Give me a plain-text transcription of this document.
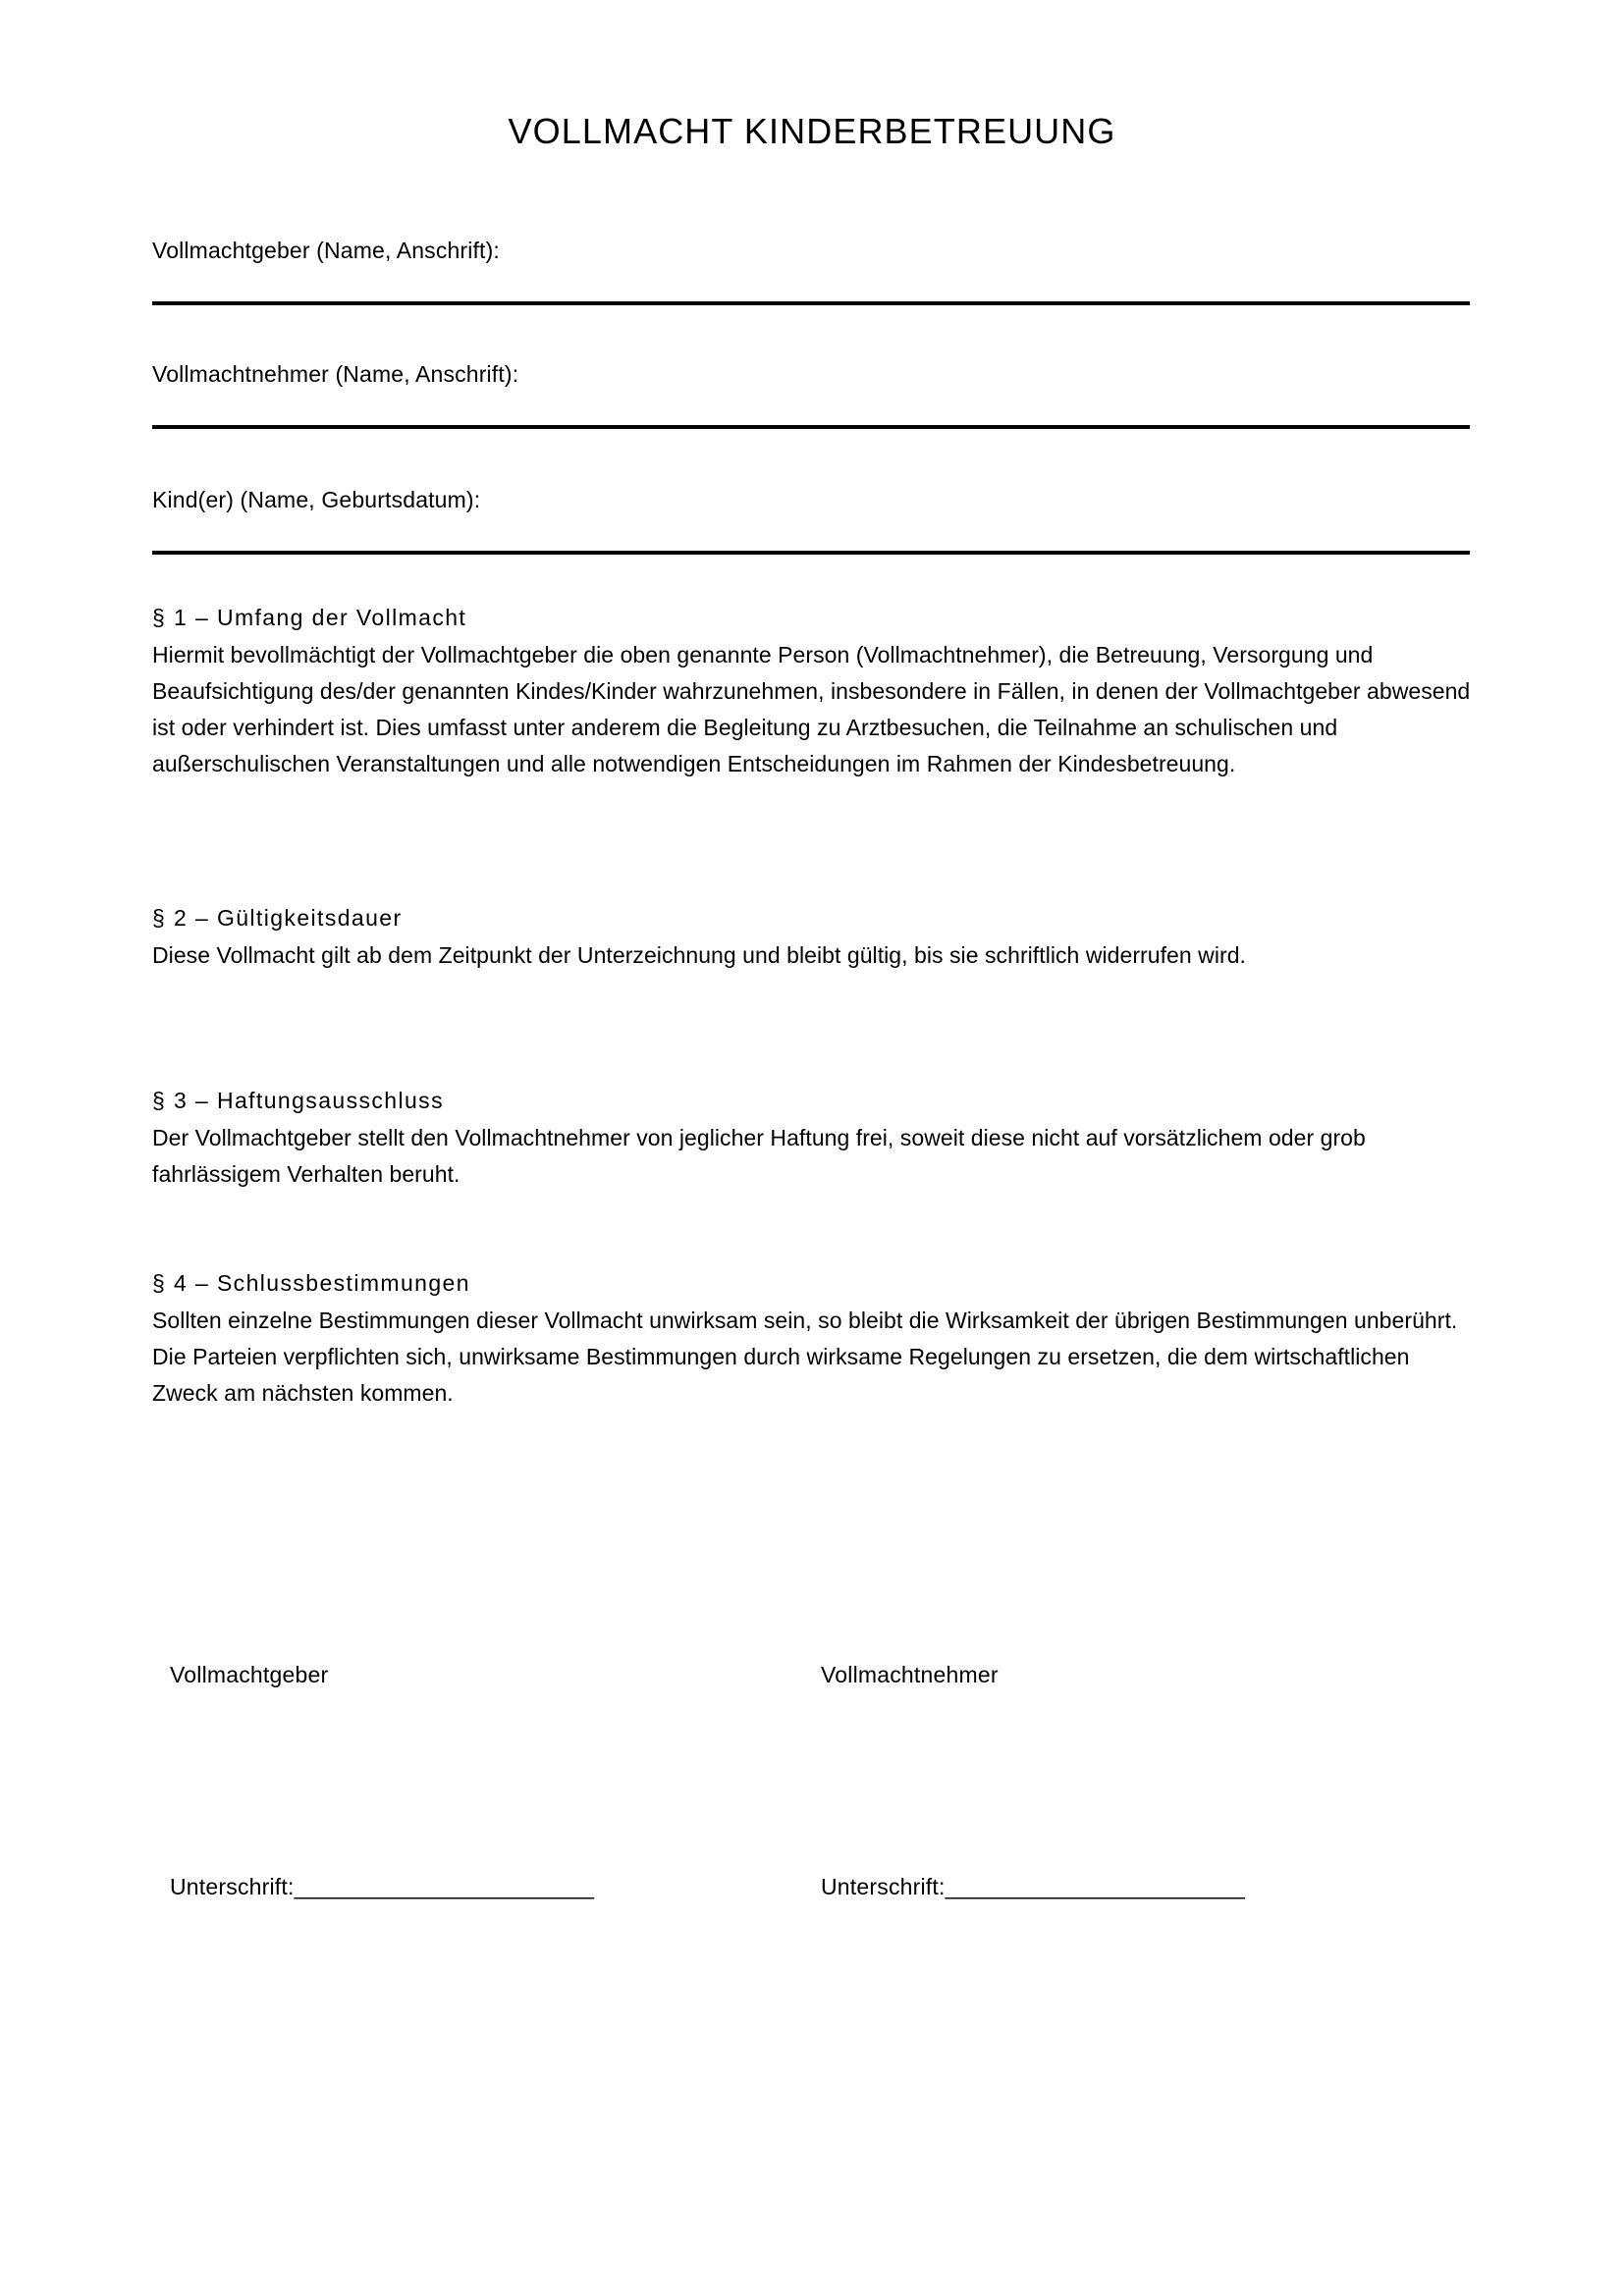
VOLLMACHT KINDERBETREUUNG
Vollmachtgeber (Name, Anschrift):
Vollmachtnehmer (Name, Anschrift):
Kind(er) (Name, Geburtsdatum):
§ 1 – Umfang der Vollmacht

Hiermit bevollmächtigt der Vollmachtgeber die oben genannte Person (Vollmachtnehmer), die Betreuung, Versorgung und Beaufsichtigung des/der genannten Kindes/Kinder wahrzunehmen, insbesondere in Fällen, in denen der Vollmachtgeber abwesend ist oder verhindert ist. Dies umfasst unter anderem die Begleitung zu Arztbesuchen, die Teilnahme an schulischen und außerschulischen Veranstaltungen und alle notwendigen Entscheidungen im Rahmen der Kindesbetreuung.

§ 2 – Gültigkeitsdauer

Diese Vollmacht gilt ab dem Zeitpunkt der Unterzeichnung und bleibt gültig, bis sie schriftlich widerrufen wird.

§ 3 – Haftungsausschluss

Der Vollmachtgeber stellt den Vollmachtnehmer von jeglicher Haftung frei, soweit diese nicht auf vorsätzlichem oder grob fahrlässigem Verhalten beruht.

§ 4 – Schlussbestimmungen

Sollten einzelne Bestimmungen dieser Vollmacht unwirksam sein, so bleibt die Wirksamkeit der übrigen Bestimmungen unberührt. Die Parteien verpflichten sich, unwirksame Bestimmungen durch wirksame Regelungen zu ersetzen, die dem wirtschaftlichen Zweck am nächsten kommen.

Vollmachtgeber	Vollmachtnehmer
Unterschrift:_________________________	Unterschrift:_________________________
